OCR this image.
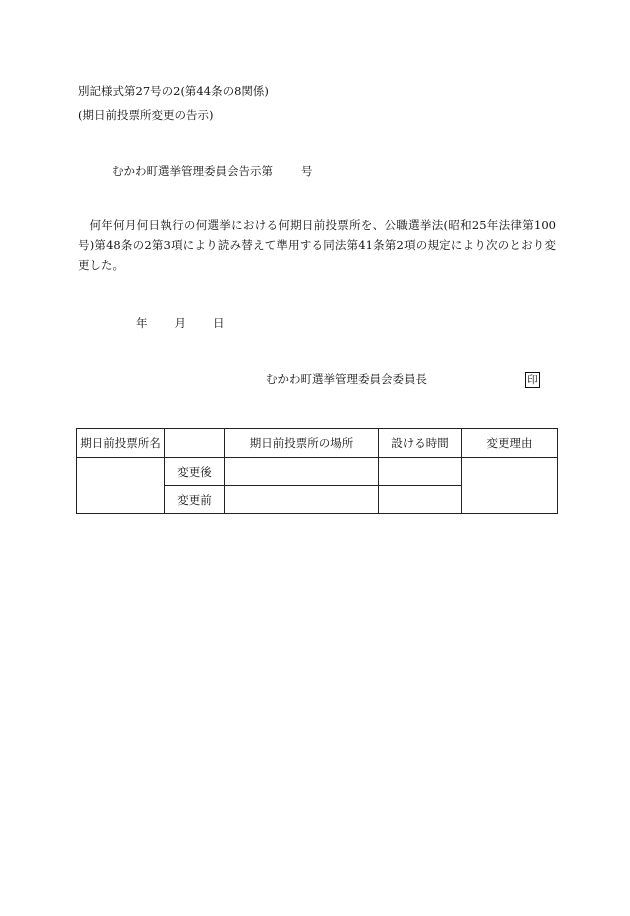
別記様式第27号の2(第44条の8関係)
(期日前投票所変更の告示)
むかわ町選挙管理委員会告示第 号
何年何月何日執行の何選挙における何期日前投票所を、公職選挙法(昭和25年法律第100号)第48条の2第3項により読み替えて準用する同法第41条第2項の規定により次のとおり変更した。
年 月 日
むかわ町選挙管理委員会委員長	印
期日前投票所名		期日前投票所の場所	設ける時間	変更理由
	変更後			
	変更前			
